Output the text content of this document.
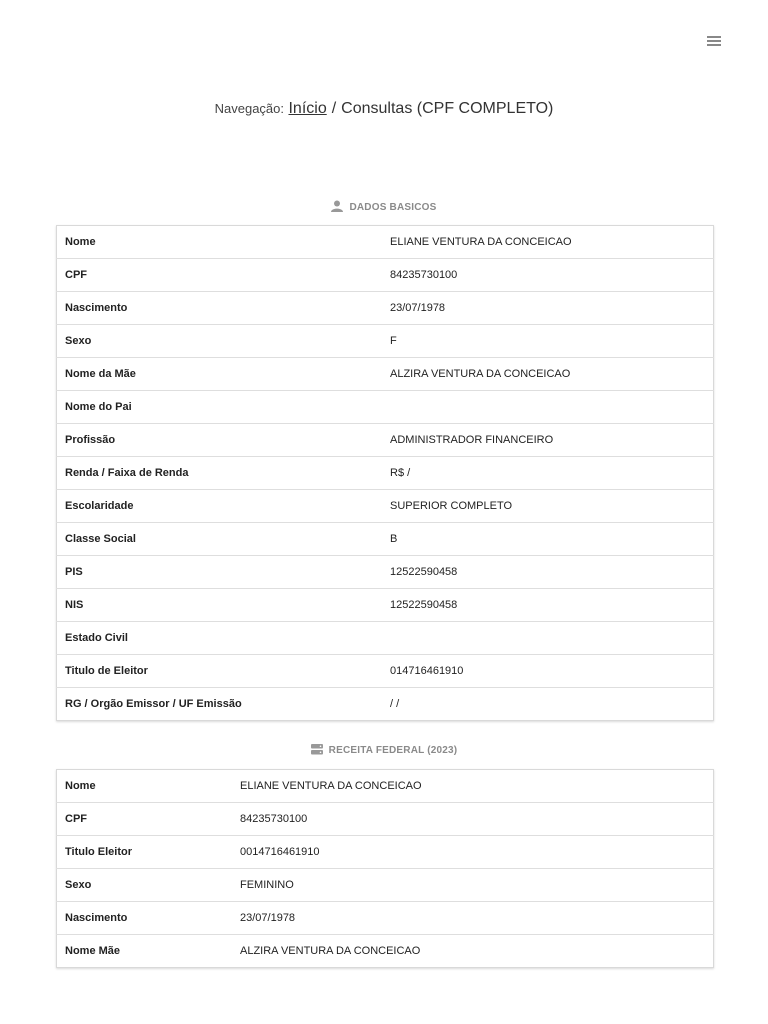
Navegação: Início / Consultas (CPF COMPLETO)
DADOS BASICOS
Nome	ELIANE VENTURA DA CONCEICAO
CPF	84235730100
Nascimento	23/07/1978
Sexo	F
Nome da Mãe	ALZIRA VENTURA DA CONCEICAO
Nome do Pai	
Profissão	ADMINISTRADOR FINANCEIRO
Renda / Faixa de Renda	R$ /
Escolaridade	SUPERIOR COMPLETO
Classe Social	B
PIS	12522590458
NIS	12522590458
Estado Civil	
Titulo de Eleitor	014716461910
RG / Orgão Emissor / UF Emissão	/ /
RECEITA FEDERAL (2023)
Nome	ELIANE VENTURA DA CONCEICAO
CPF	84235730100
Titulo Eleitor	0014716461910
Sexo	FEMININO
Nascimento	23/07/1978
Nome Mãe	ALZIRA VENTURA DA CONCEICAO
